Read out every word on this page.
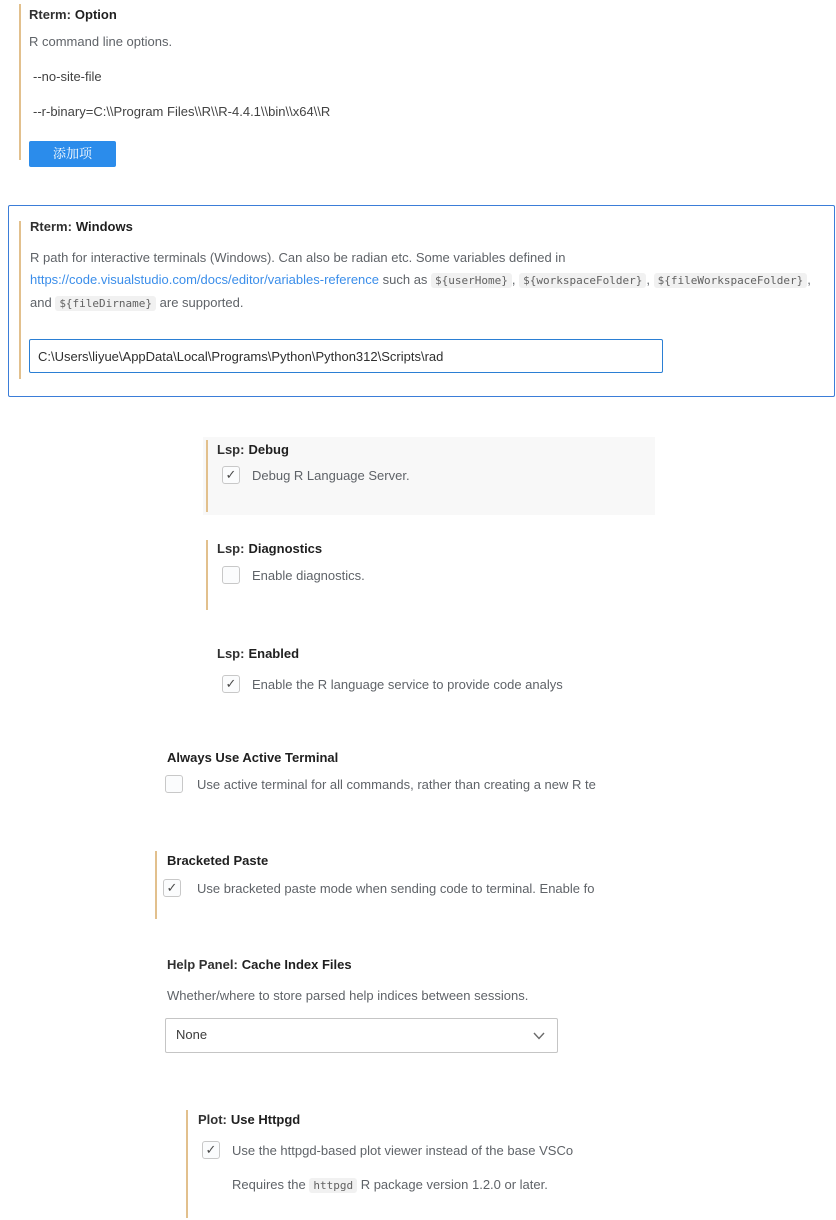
Rterm: Option
R command line options.
--no-site-file
--r-binary=C:\\Program Files\\R\\R-4.4.1\\bin\\x64\\R
添加项
Rterm: Windows
R path for interactive terminals (Windows). Can also be radian etc. Some variables defined in https://code.visualstudio.com/docs/editor/variables-reference such as ${userHome} , ${workspaceFolder} , ${fileWorkspaceFolder} , and ${fileDirname} are supported.
C:\Users\liyue\AppData\Local\Programs\Python\Python312\Scripts\rad
Lsp: Debug
✓ Debug R Language Server.
Lsp: Diagnostics
Enable diagnostics.
Lsp: Enabled
✓ Enable the R language service to provide code analys
Always Use Active Terminal
Use active terminal for all commands, rather than creating a new R te
Bracketed Paste
✓ Use bracketed paste mode when sending code to terminal. Enable fo
Help Panel: Cache Index Files
Whether/where to store parsed help indices between sessions.
None
Plot: Use Httpgd
✓ Use the httpgd-based plot viewer instead of the base VSCo
Requires the httpgd R package version 1.2.0 or later.
